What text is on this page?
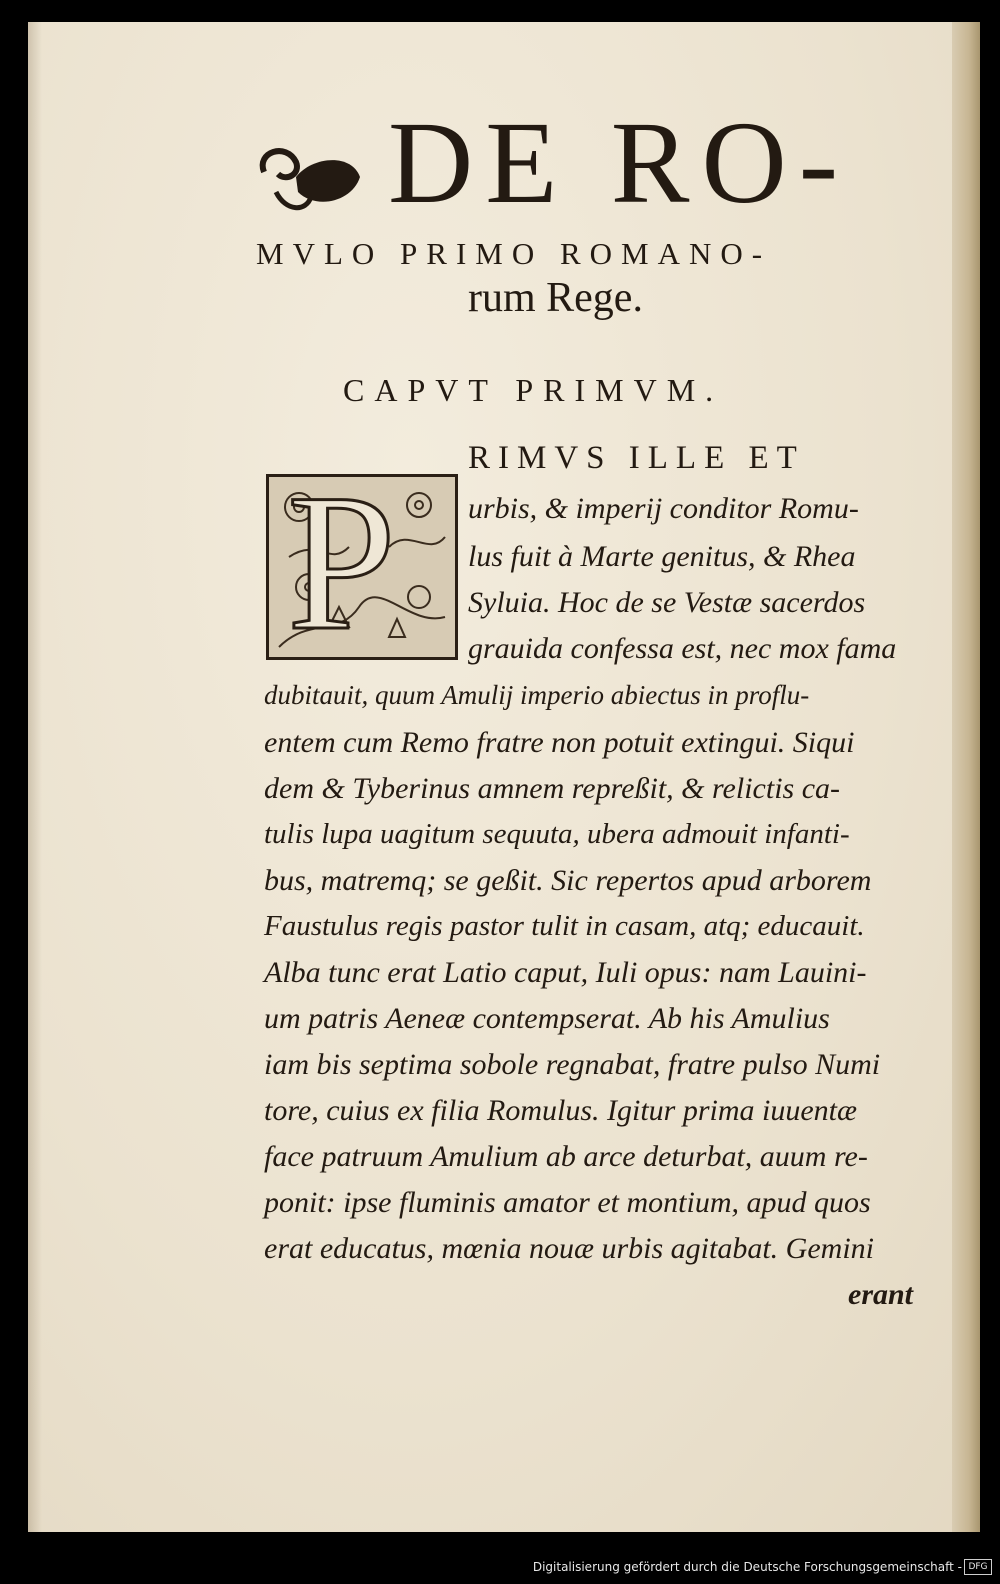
DE RO-
MVLO PRIMO ROMANO-
rum Rege.
CAPVT PRIMVM.
P RIMVS ILLE ET
urbis, & imperij conditor Romu-
lus fuit à Marte genitus, & Rhea
Syluia. Hoc de se Vestæ sacerdos
grauida confessa est, nec mox fama
dubitauit, quum Amulij imperio abiectus in proflu-
entem cum Remo fratre non potuit extingui. Siqui
dem & Tyberinus amnem repreßit, & relictis ca-
tulis lupa uagitum sequuta, ubera admouit infanti-
bus, matremq; se geßit. Sic repertos apud arborem
Faustulus regis pastor tulit in casam, atq; educauit.
Alba tunc erat Latio caput, Iuli opus: nam Lauini-
um patris Aeneæ contempserat. Ab his Amulius
iam bis septima sobole regnabat, fratre pulso Numi
tore, cuius ex filia Romulus. Igitur prima iuuentæ
face patruum Amulium ab arce deturbat, auum re-
ponit: ipse fluminis amator et montium, apud quos
erat educatus, mœnia nouæ urbis agitabat. Gemini
erant
Digitalisierung gefördert durch die Deutsche Forschungsgemeinschaft - DFG
